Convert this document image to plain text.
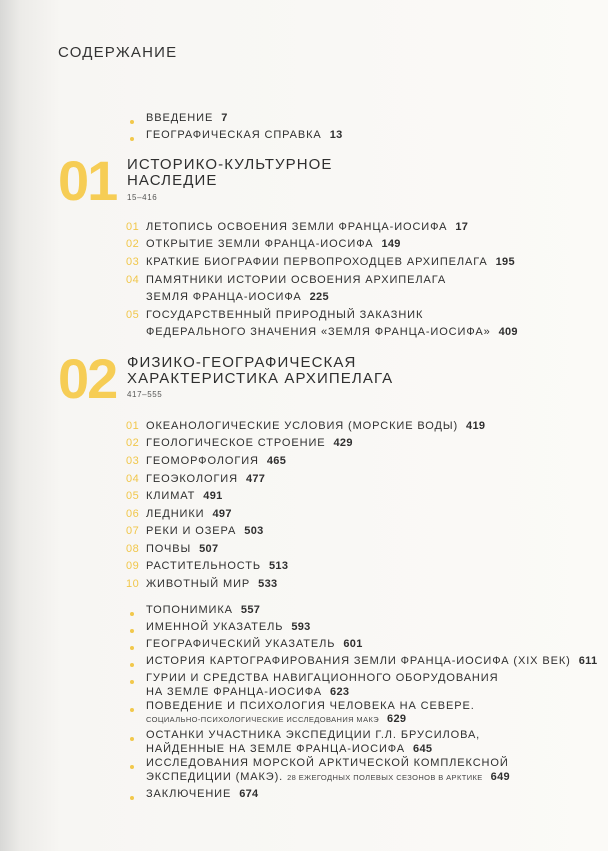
СОДЕРЖАНИЕ
ВВЕДЕНИЕ 7
ГЕОГРАФИЧЕСКАЯ СПРАВКА 13
01 ИСТОРИКО-КУЛЬТУРНОЕ
НАСЛЕДИЕ
15–416
01 ЛЕТОПИСЬ ОСВОЕНИЯ ЗЕМЛИ ФРАНЦА-ИОСИФА 17
02 ОТКРЫТИЕ ЗЕМЛИ ФРАНЦА-ИОСИФА 149
03 КРАТКИЕ БИОГРАФИИ ПЕРВОПРОХОДЦЕВ АРХИПЕЛАГА 195
04 ПАМЯТНИКИ ИСТОРИИ ОСВОЕНИЯ АРХИПЕЛАГА
ЗЕМЛЯ ФРАНЦА-ИОСИФА 225
05 ГОСУДАРСТВЕННЫЙ ПРИРОДНЫЙ ЗАКАЗНИК
ФЕДЕРАЛЬНОГО ЗНАЧЕНИЯ «ЗЕМЛЯ ФРАНЦА-ИОСИФА» 409
02 ФИЗИКО-ГЕОГРАФИЧЕСКАЯ
ХАРАКТЕРИСТИКА АРХИПЕЛАГА
417–555
01 ОКЕАНОЛОГИЧЕСКИЕ УСЛОВИЯ (МОРСКИЕ ВОДЫ) 419
02 ГЕОЛОГИЧЕСКОЕ СТРОЕНИЕ 429
03 ГЕОМОРФОЛОГИЯ 465
04 ГЕОЭКОЛОГИЯ 477
05 КЛИМАТ 491
06 ЛЕДНИКИ 497
07 РЕКИ И ОЗЕРА 503
08 ПОЧВЫ 507
09 РАСТИТЕЛЬНОСТЬ 513
10 ЖИВОТНЫЙ МИР 533
ТОПОНИМИКА 557
ИМЕННОЙ УКАЗАТЕЛЬ 593
ГЕОГРАФИЧЕСКИЙ УКАЗАТЕЛЬ 601
ИСТОРИЯ КАРТОГРАФИРОВАНИЯ ЗЕМЛИ ФРАНЦА-ИОСИФА (XIX ВЕК) 611
ГУРИИ И СРЕДСТВА НАВИГАЦИОННОГО ОБОРУДОВАНИЯ
НА ЗЕМЛЕ ФРАНЦА-ИОСИФА 623
ПОВЕДЕНИЕ И ПСИХОЛОГИЯ ЧЕЛОВЕКА НА СЕВЕРЕ.
СОЦИАЛЬНО-ПСИХОЛОГИЧЕСКИЕ ИССЛЕДОВАНИЯ МАКЭ 629
ОСТАНКИ УЧАСТНИКА ЭКСПЕДИЦИИ Г.Л. БРУСИЛОВА,
НАЙДЕННЫЕ НА ЗЕМЛЕ ФРАНЦА-ИОСИФА 645
ИССЛЕДОВАНИЯ МОРСКОЙ АРКТИЧЕСКОЙ КОМПЛЕКСНОЙ
ЭКСПЕДИЦИИ (МАКЭ). 28 ЕЖЕГОДНЫХ ПОЛЕВЫХ СЕЗОНОВ В АРКТИКЕ 649
ЗАКЛЮЧЕНИЕ 674
